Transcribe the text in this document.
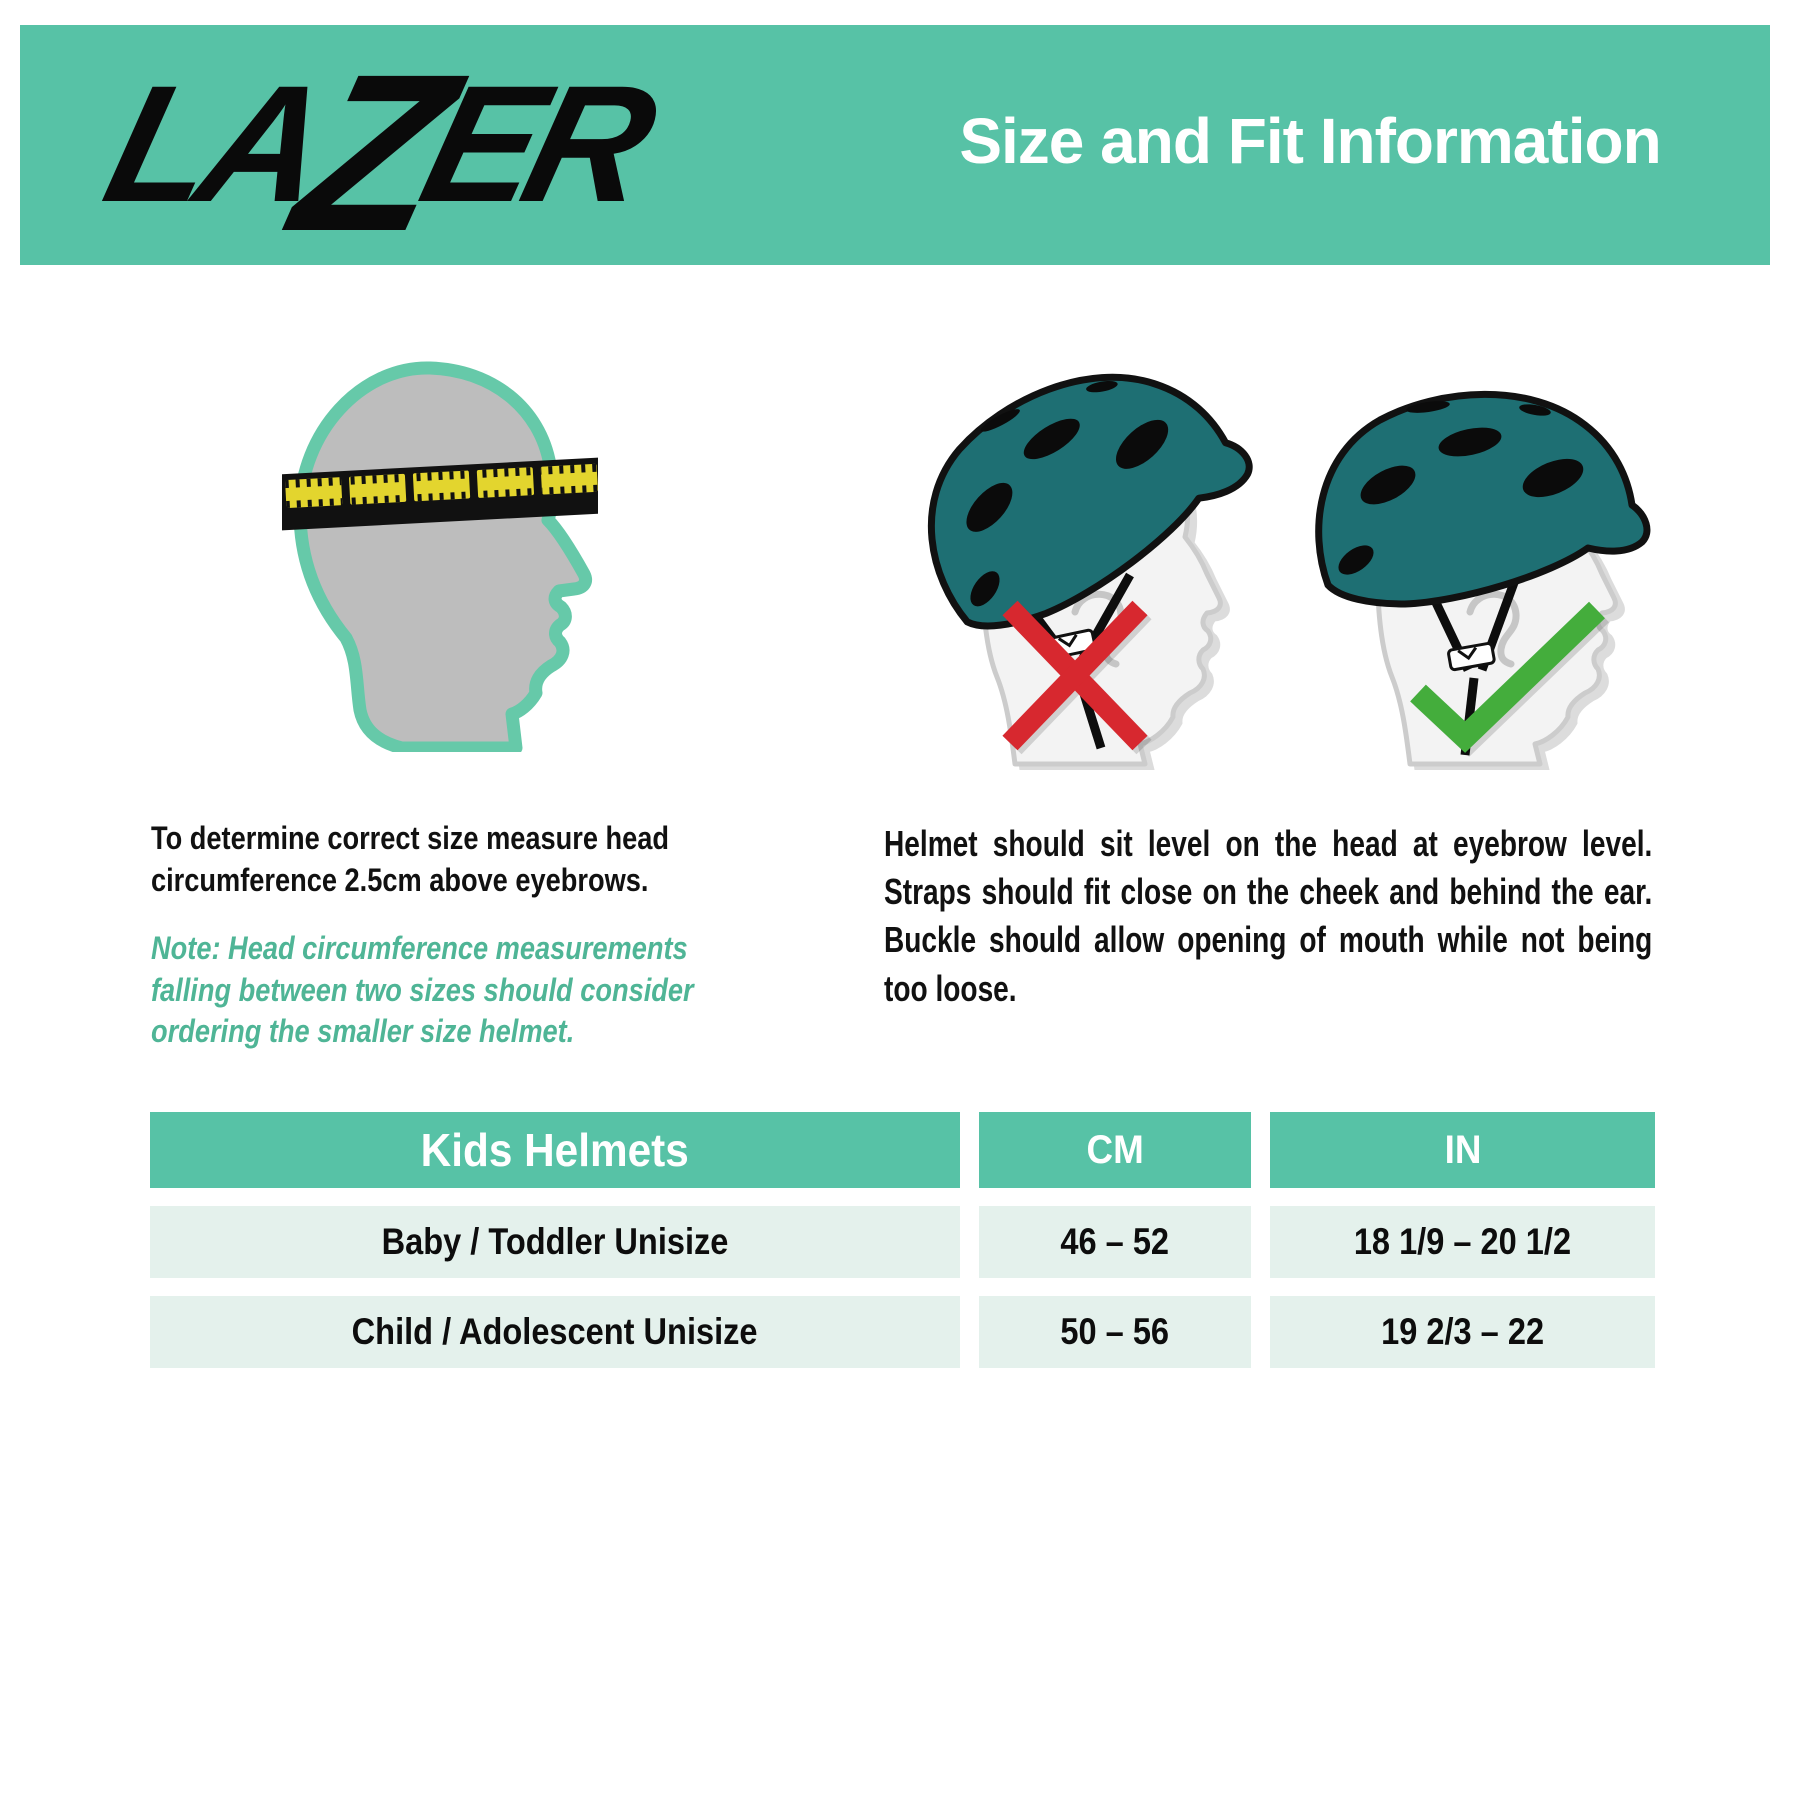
LA
Z
ER	Size and Fit Information

To determine correct size measure head circumference 2.5cm above eyebrows.

Note: Head circumference measurements falling between two sizes should consider ordering the smaller size helmet.

Helmet should sit level on the head at eyebrow level. Straps should fit close on the cheek and behind the ear. Buckle should allow opening of mouth while not being too loose.

Kids Helmets	CM	IN
Baby / Toddler Unisize	46 – 52	18 1/9 – 20 1/2
Child / Adolescent Unisize	50 – 56	19 2/3 – 22
